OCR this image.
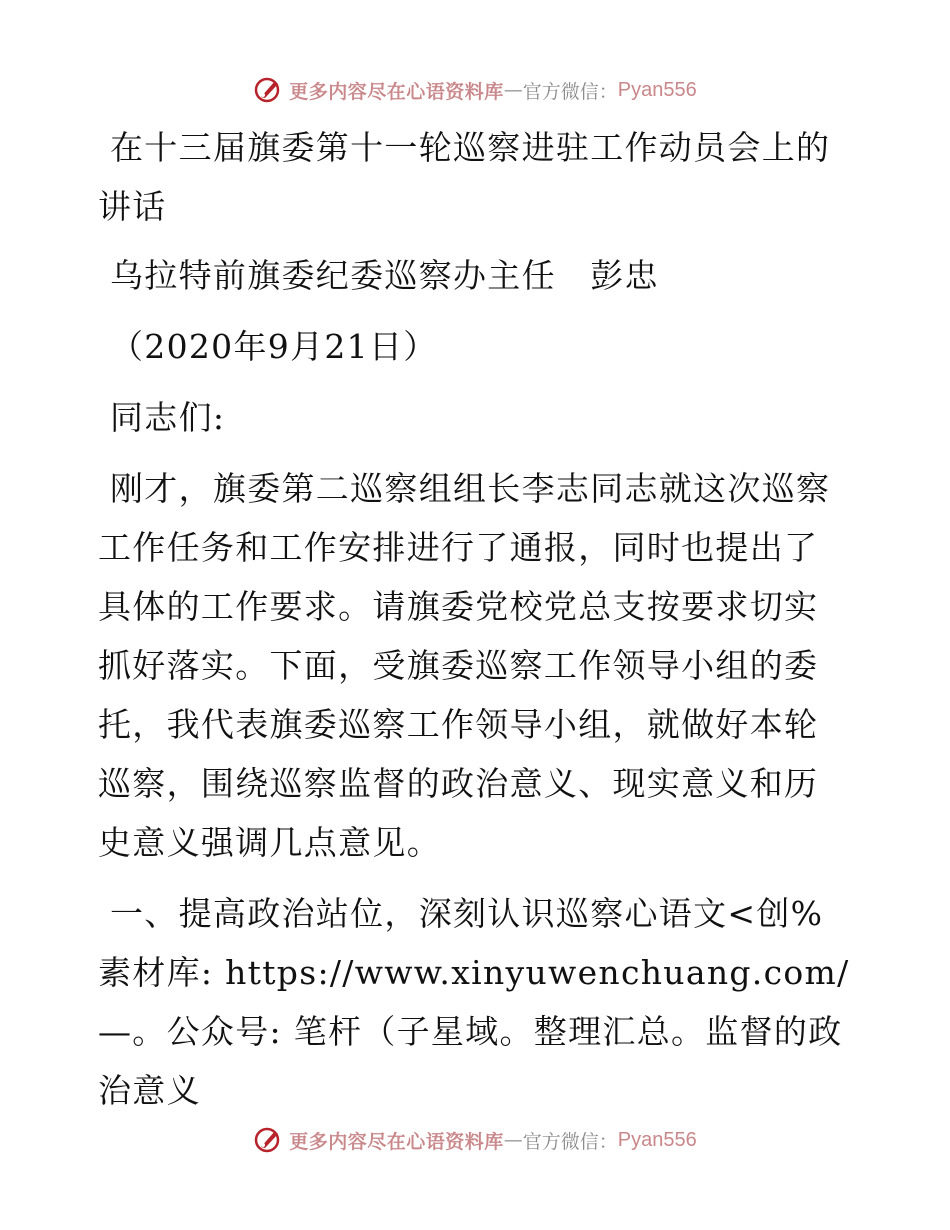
更多内容尽在心语资料库 — 官方微信： Pyan556

在十三届旗委第十一轮巡察进驻工作动员会上的讲话

乌拉特前旗委纪委巡察办主任　彭忠

（2020年9月21日）

同志们:

刚才，旗委第二巡察组组长李志同志就这次巡察工作任务和工作安排进行了通报，同时也提出了具体的工作要求。请旗委党校党总支按要求切实抓好落实。下面，受旗委巡察工作领导小组的委托，我代表旗委巡察工作领导小组，就做好本轮巡察，围绕巡察监督的政治意义、现实意义和历史意义强调几点意见。

一、提高政治站位，深刻认识巡察心语文<创%素材库: https://www.xinyuwenchuang.com/—。公众号: 笔杆（子星域。整理汇总。监督的政治意义

更多内容尽在心语资料库 — 官方微信： Pyan556
